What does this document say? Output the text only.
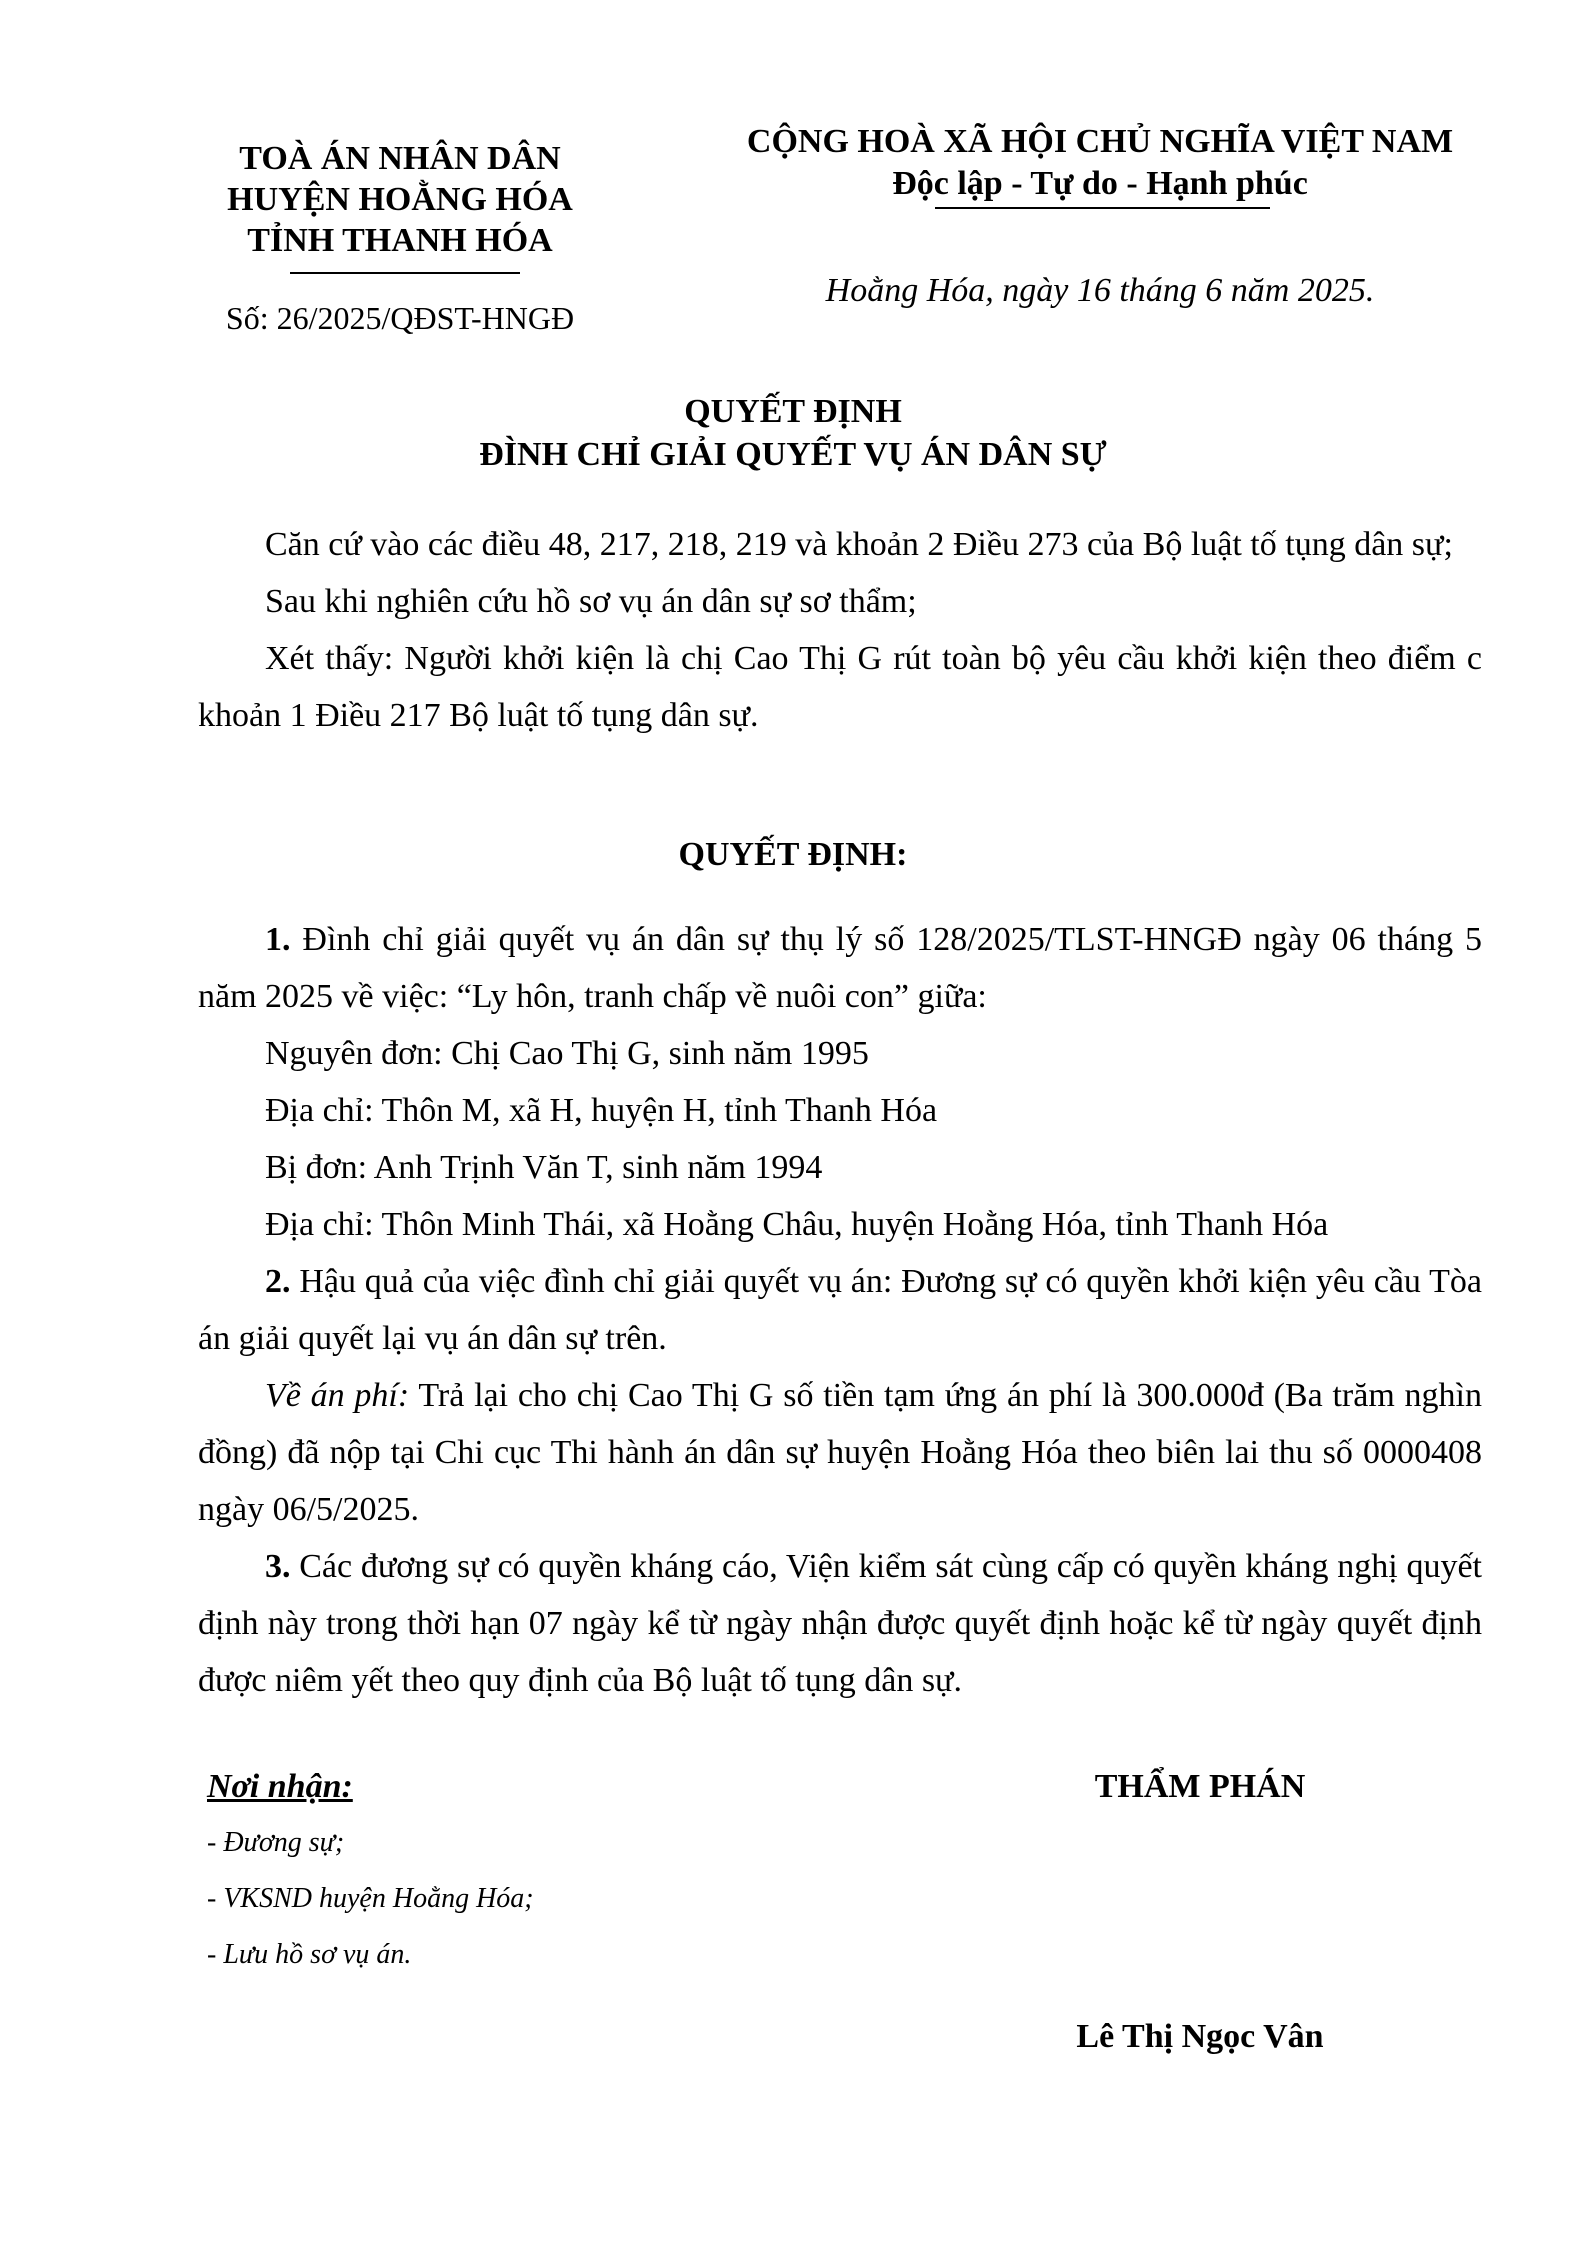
TOÀ ÁN NHÂN DÂN
HUYỆN HOẰNG HÓA
TỈNH THANH HÓA
Số: 26/2025/QĐST-HNGĐ
CỘNG HOÀ XÃ HỘI CHỦ NGHĨA VIỆT NAM
Độc lập - Tự do - Hạnh phúc
Hoằng Hóa, ngày 16 tháng 6 năm 2025.
QUYẾT ĐỊNH
ĐÌNH CHỈ GIẢI QUYẾT VỤ ÁN DÂN SỰ

Căn cứ vào các điều 48, 217, 218, 219 và khoản 2 Điều 273 của Bộ luật tố tụng dân sự;

Sau khi nghiên cứu hồ sơ vụ án dân sự sơ thẩm;

Xét thấy: Người khởi kiện là chị Cao Thị G rút toàn bộ yêu cầu khởi kiện theo điểm c khoản 1 Điều 217 Bộ luật tố tụng dân sự.

QUYẾT ĐỊNH:

1. Đình chỉ giải quyết vụ án dân sự thụ lý số 128/2025/TLST-HNGĐ ngày 06 tháng 5 năm 2025 về việc: “Ly hôn, tranh chấp về nuôi con” giữa:

Nguyên đơn: Chị Cao Thị G, sinh năm 1995

Địa chỉ: Thôn M, xã H, huyện H, tỉnh Thanh Hóa

Bị đơn: Anh Trịnh Văn T, sinh năm 1994

Địa chỉ: Thôn Minh Thái, xã Hoằng Châu, huyện Hoằng Hóa, tỉnh Thanh Hóa

2. Hậu quả của việc đình chỉ giải quyết vụ án: Đương sự có quyền khởi kiện yêu cầu Tòa án giải quyết lại vụ án dân sự trên.

Về án phí: Trả lại cho chị Cao Thị G số tiền tạm ứng án phí là 300.000đ (Ba trăm nghìn đồng) đã nộp tại Chi cục Thi hành án dân sự huyện Hoằng Hóa theo biên lai thu số 0000408 ngày 06/5/2025.

3. Các đương sự có quyền kháng cáo, Viện kiểm sát cùng cấp có quyền kháng nghị quyết định này trong thời hạn 07 ngày kể từ ngày nhận được quyết định hoặc kể từ ngày quyết định được niêm yết theo quy định của Bộ luật tố tụng dân sự.

Nơi nhận:
- Đương sự;
- VKSND huyện Hoằng Hóa;
- Lưu hồ sơ vụ án.
THẨM PHÁN
Lê Thị Ngọc Vân
